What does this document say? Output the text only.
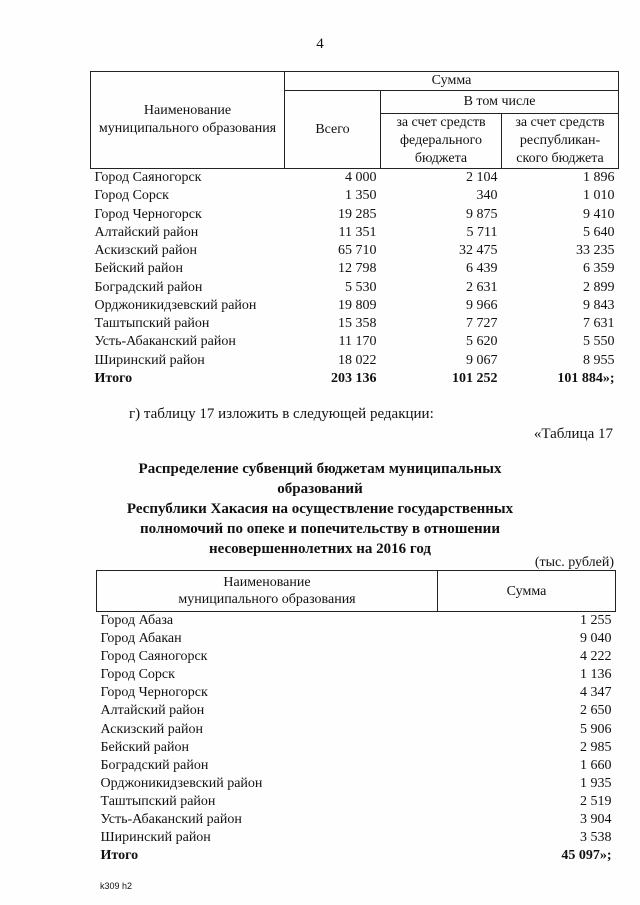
4
Наименование муниципального образования	Сумма		
	Всего	В том числе	
		за счет средств федерального бюджета	за счет средств республикан-ского бюджета
Город Саяногорск	4 000	2 104	1 896
Город Сорск	1 350	340	1 010
Город Черногорск	19 285	9 875	9 410
Алтайский район	11 351	5 711	5 640
Аскизский район	65 710	32 475	33 235
Бейский район	12 798	6 439	6 359
Боградский район	5 530	2 631	2 899
Орджоникидзевский район	19 809	9 966	9 843
Таштыпский район	15 358	7 727	7 631
Усть-Абаканский район	11 170	5 620	5 550
Ширинский район	18 022	9 067	8 955
Итого	203 136	101 252	101 884»;
г) таблицу 17 изложить в следующей редакции:
«Таблица 17
Распределение субвенций бюджетам муниципальных образований
Республики Хакасия на осуществление государственных
полномочий по опеке и попечительству в отношении
несовершеннолетних на 2016 год
(тыс. рублей)
Наименование
муниципального образования	Сумма
Город Абаза	1 255
Город Абакан	9 040
Город Саяногорск	4 222
Город Сорск	1 136
Город Черногорск	4 347
Алтайский район	2 650
Аскизский район	5 906
Бейский район	2 985
Боградский район	1 660
Орджоникидзевский район	1 935
Таштыпский район	2 519
Усть-Абаканский район	3 904
Ширинский район	3 538
Итого	45 097»;
k309 h2
